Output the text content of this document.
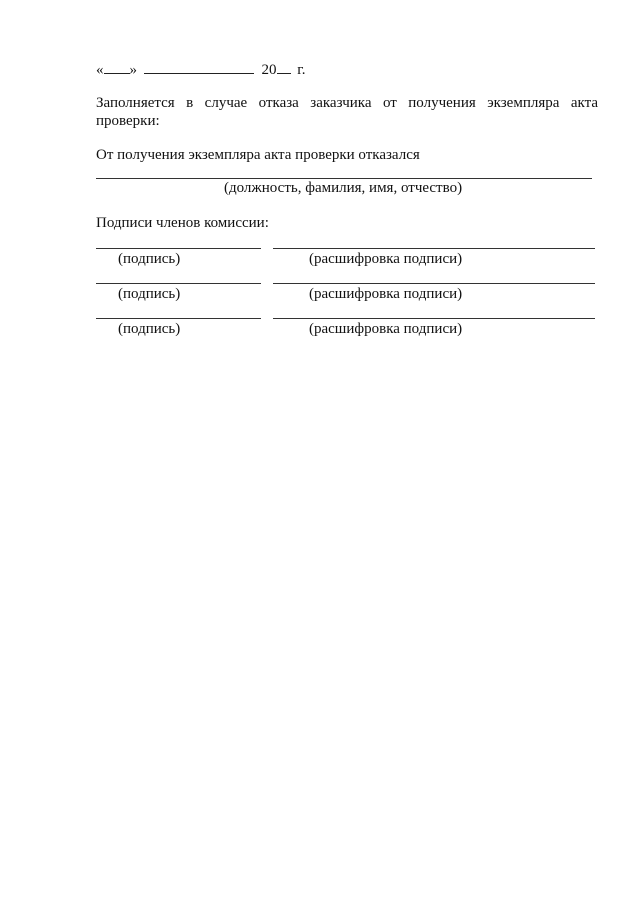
« »	20 г.
Заполняется в случае отказа заказчика от получения экземпляра акта
проверки:
От получения экземпляра акта проверки отказался
(должность, фамилия, имя, отчество)
Подписи членов комиссии:
(подпись)	(расшифровка подписи)
(подпись)	(расшифровка подписи)
(подпись)	(расшифровка подписи)
